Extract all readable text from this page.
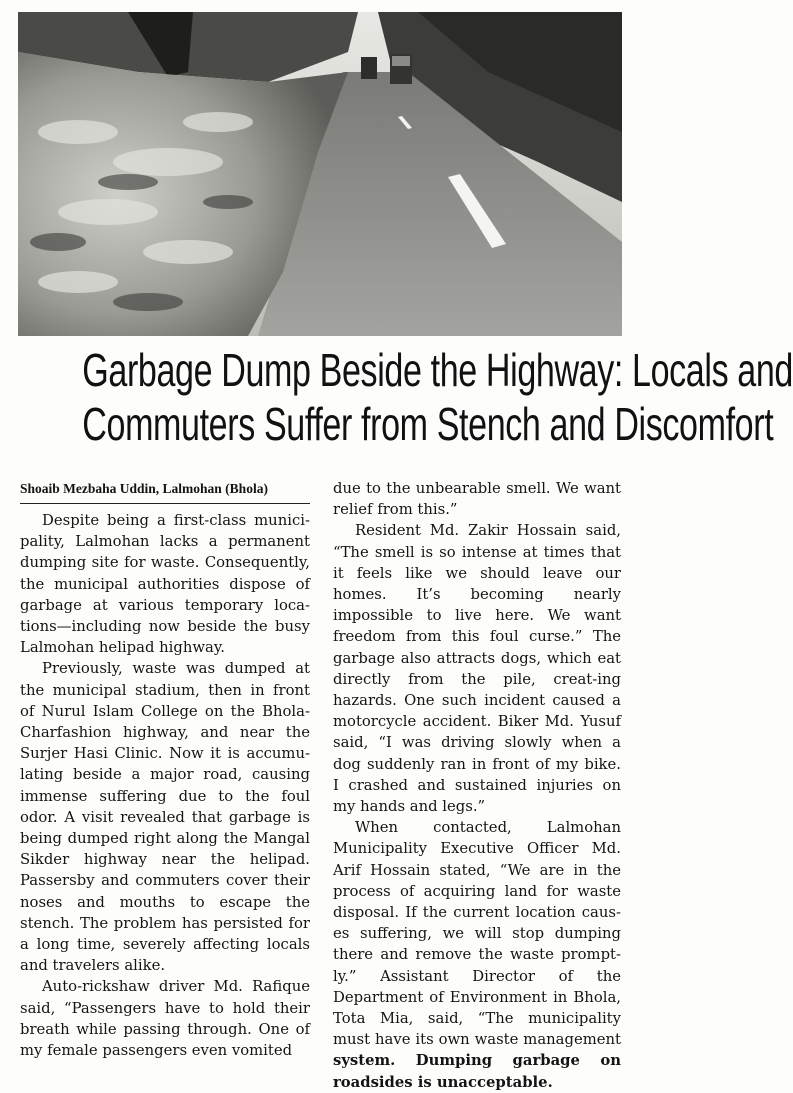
Garbage Dump Beside the Highway: Locals and
Commuters Suffer from Stench and Discomfort
Shoaib Mezbaha Uddin, Lalmohan (Bhola)

Despite being a first-class munici-pality, Lalmohan lacks a permanent dumping site for waste. Consequently, the municipal authorities dispose of garbage at various temporary loca-tions—including now beside the busy Lalmohan helipad highway.

Previously, waste was dumped at the municipal stadium, then in front of Nurul Islam College on the Bhola-Charfashion highway, and near the Surjer Hasi Clinic. Now it is accumu-lating beside a major road, causing immense suffering due to the foul odor. A visit revealed that garbage is being dumped right along the Mangal Sikder highway near the helipad. Passersby and commuters cover their noses and mouths to escape the stench. The problem has persisted for a long time, severely affecting locals and travelers alike.

Auto-rickshaw driver Md. Rafique said, “Passengers have to hold their breath while passing through. One of my female passengers even vomited

due to the unbearable smell. We want relief from this.”

Resident Md. Zakir Hossain said, “The smell is so intense at times that it feels like we should leave our homes. It’s becoming nearly impossible to live here. We want freedom from this foul curse.” The garbage also attracts dogs, which eat directly from the pile, creat-ing hazards. One such incident caused a motorcycle accident. Biker Md. Yusuf said, “I was driving slowly when a dog suddenly ran in front of my bike. I crashed and sustained injuries on my hands and legs.”

When contacted, Lalmohan Municipality Executive Officer Md. Arif Hossain stated, “We are in the process of acquiring land for waste disposal. If the current location caus-es suffering, we will stop dumping there and remove the waste prompt-ly.” Assistant Director of the Department of Environment in Bhola, Tota Mia, said, “The municipality must have its own waste management system. Dumping garbage on roadsides is unacceptable.
